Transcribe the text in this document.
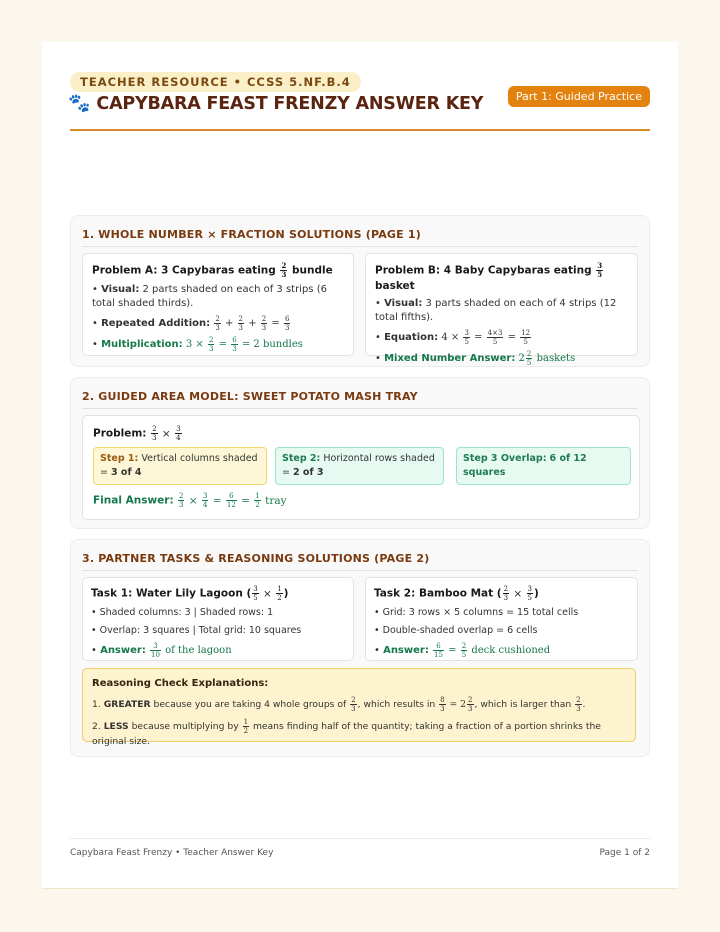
TEACHER RESOURCE • CCSS 5.NF.B.4
🐾 CAPYBARA FEAST FRENZY ANSWER KEY	Part 1: Guided Practice
1. WHOLE NUMBER × FRACTION SOLUTIONS (PAGE 1)
Problem A: 3 Capybaras eating $\frac{2}{3}$ bundle
• Visual: 2 parts shaded on each of 3 strips (6 total shaded thirds).
• Repeated Addition: $\frac{2}{3} + \frac{2}{3} + \frac{2}{3} = \frac{6}{3}$
• Multiplication: $3 \times \frac{2}{3} = \frac{6}{3} = 2$ bundles
Problem B: 4 Baby Capybaras eating $\frac{3}{5}$
basket
• Visual: 3 parts shaded on each of 4 strips (12 total fifths).
• Equation: $4 \times \frac{3}{5} = \frac{4\times 3}{5} = \frac{12}{5}$
• Mixed Number Answer: $2 \frac{2}{5}$ baskets
2. GUIDED AREA MODEL: SWEET POTATO MASH TRAY
Problem: $\frac{2}{3} \times \frac{3}{4}$
Step 1: Vertical columns shaded = 3 of 4
Step 2: Horizontal rows shaded = 2 of 3
Step 3 Overlap: 6 of 12 squares
Final Answer: $\frac{2}{3} \times \frac{3}{4} = \frac{6}{12} = \frac{1}{2}$ tray
3. PARTNER TASKS & REASONING SOLUTIONS (PAGE 2)
Task 1: Water Lily Lagoon ( $\frac{3}{5} \times \frac{1}{2}$ )
• Shaded columns: 3 | Shaded rows: 1
• Overlap: 3 squares | Total grid: 10 squares
• Answer: $\frac{3}{10}$ of the lagoon
Task 2: Bamboo Mat ( $\frac{2}{3} \times \frac{3}{5}$ )
• Grid: 3 rows × 5 columns = 15 total cells
• Double-shaded overlap = 6 cells
• Answer: $\frac{6}{15} = \frac{2}{5}$ deck cushioned
Reasoning Check Explanations:
1. GREATER because you are taking 4 whole groups of $\frac{2}{3}$ , which results in $\frac{8}{3} = 2 \frac{2}{3}$ , which is larger than $\frac{2}{3}$ .
2. LESS because multiplying by $\frac{1}{2}$ means finding half of the quantity; taking a fraction of a portion shrinks the original size.
Capybara Feast Frenzy • Teacher Answer Key	Page 1 of 2
